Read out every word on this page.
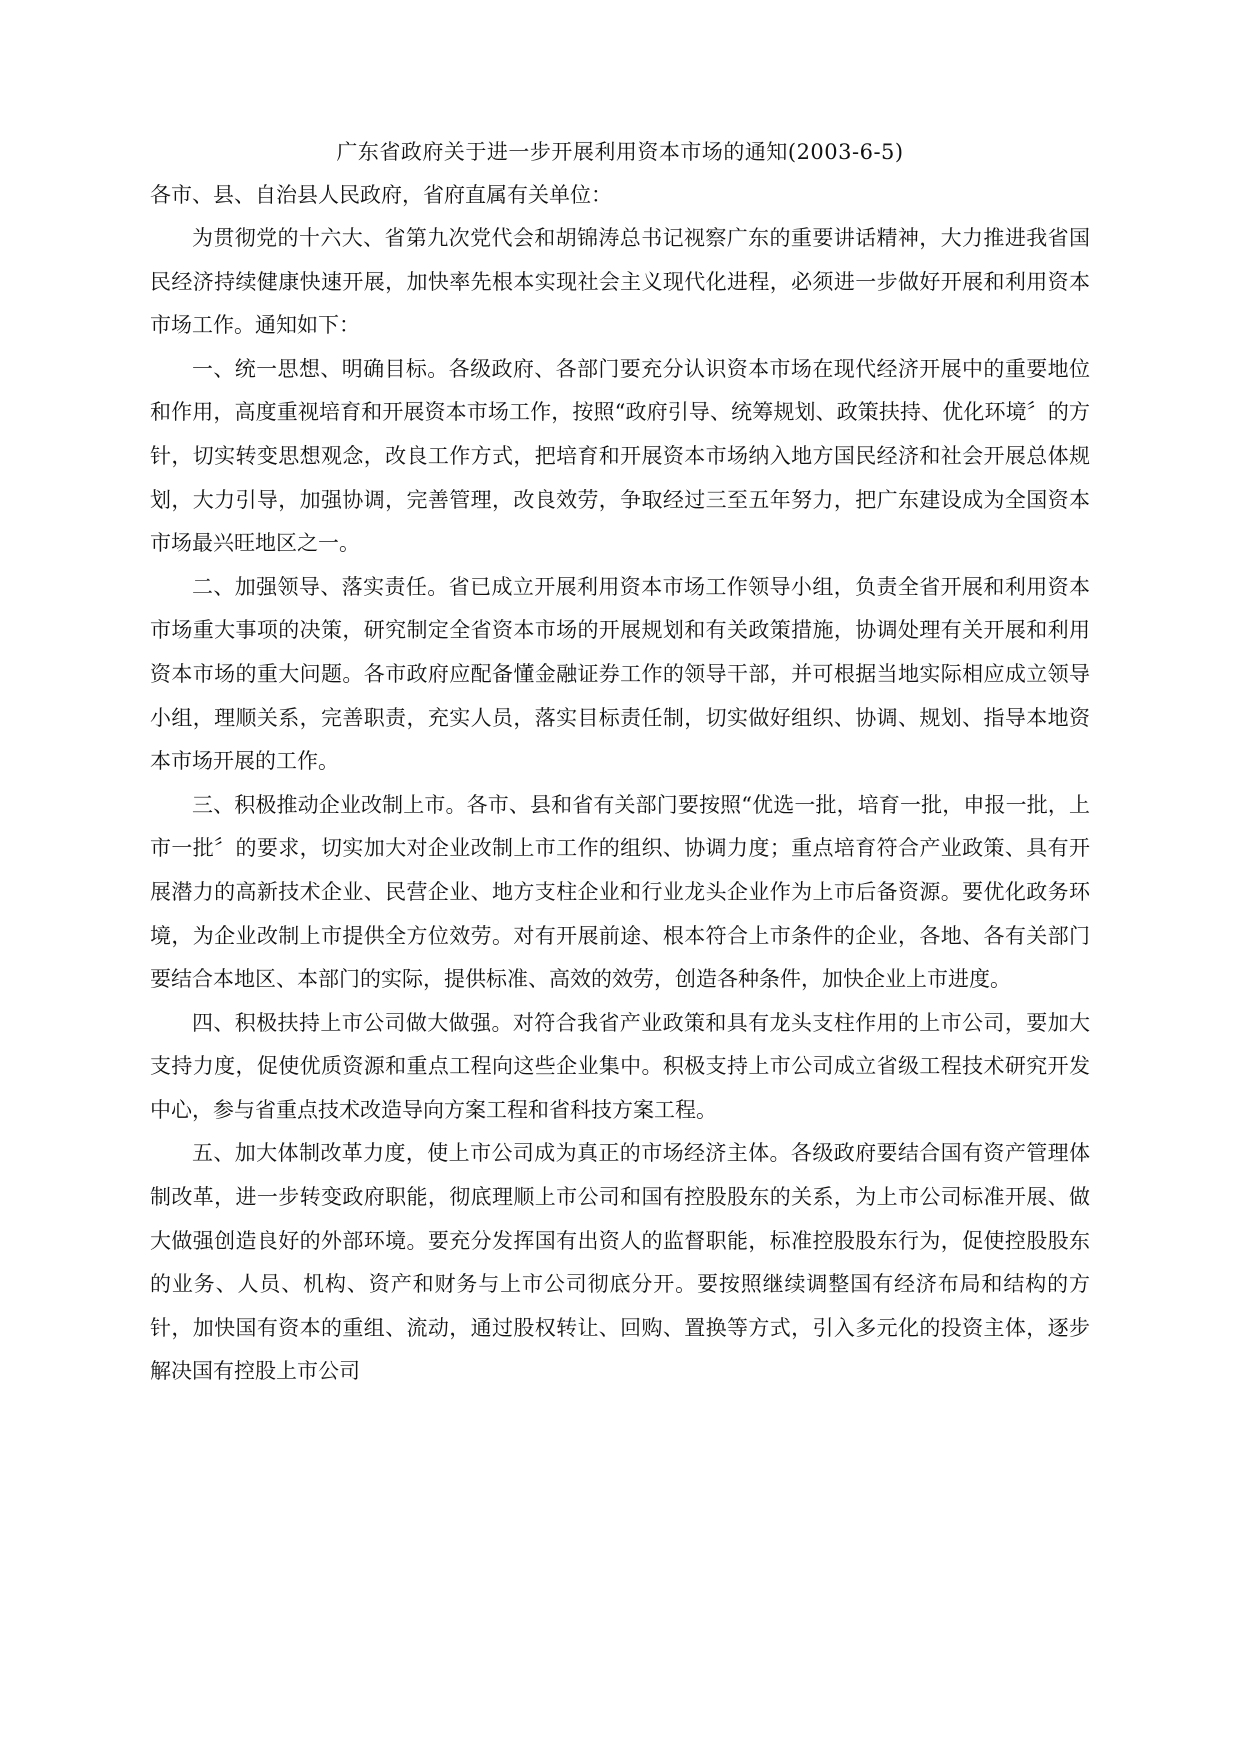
广东省政府关于进一步开展利用资本市场的通知(2003-6-5)

各市、县、自治县人民政府，省府直属有关单位：

为贯彻党的十六大、省第九次党代会和胡锦涛总书记视察广东的重要讲话精神，大力推进我省国民经济持续健康快速开展，加快率先根本实现社会主义现代化进程，必须进一步做好开展和利用资本市场工作。通知如下：

一、统一思想、明确目标。各级政府、各部门要充分认识资本市场在现代经济开展中的重要地位和作用，高度重视培育和开展资本市场工作，按照“政府引导、统筹规划、政策扶持、优化环境〞的方针，切实转变思想观念，改良工作方式，把培育和开展资本市场纳入地方国民经济和社会开展总体规划，大力引导，加强协调，完善管理，改良效劳，争取经过三至五年努力，把广东建设成为全国资本市场最兴旺地区之一。

二、加强领导、落实责任。省已成立开展利用资本市场工作领导小组，负责全省开展和利用资本市场重大事项的决策，研究制定全省资本市场的开展规划和有关政策措施，协调处理有关开展和利用资本市场的重大问题。各市政府应配备懂金融证券工作的领导干部，并可根据当地实际相应成立领导小组，理顺关系，完善职责，充实人员，落实目标责任制，切实做好组织、协调、规划、指导本地资本市场开展的工作。

三、积极推动企业改制上市。各市、县和省有关部门要按照“优选一批，培育一批，申报一批，上市一批〞的要求，切实加大对企业改制上市工作的组织、协调力度；重点培育符合产业政策、具有开展潜力的高新技术企业、民营企业、地方支柱企业和行业龙头企业作为上市后备资源。要优化政务环境，为企业改制上市提供全方位效劳。对有开展前途、根本符合上市条件的企业，各地、各有关部门要结合本地区、本部门的实际，提供标准、高效的效劳，创造各种条件，加快企业上市进度。

四、积极扶持上市公司做大做强。对符合我省产业政策和具有龙头支柱作用的上市公司，要加大支持力度，促使优质资源和重点工程向这些企业集中。积极支持上市公司成立省级工程技术研究开发中心，参与省重点技术改造导向方案工程和省科技方案工程。

五、加大体制改革力度，使上市公司成为真正的市场经济主体。各级政府要结合国有资产管理体制改革，进一步转变政府职能，彻底理顺上市公司和国有控股股东的关系，为上市公司标准开展、做大做强创造良好的外部环境。要充分发挥国有出资人的监督职能，标准控股股东行为，促使控股股东的业务、人员、机构、资产和财务与上市公司彻底分开。要按照继续调整国有经济布局和结构的方针，加快国有资本的重组、流动，通过股权转让、回购、置换等方式，引入多元化的投资主体，逐步解决国有控股上市公司
